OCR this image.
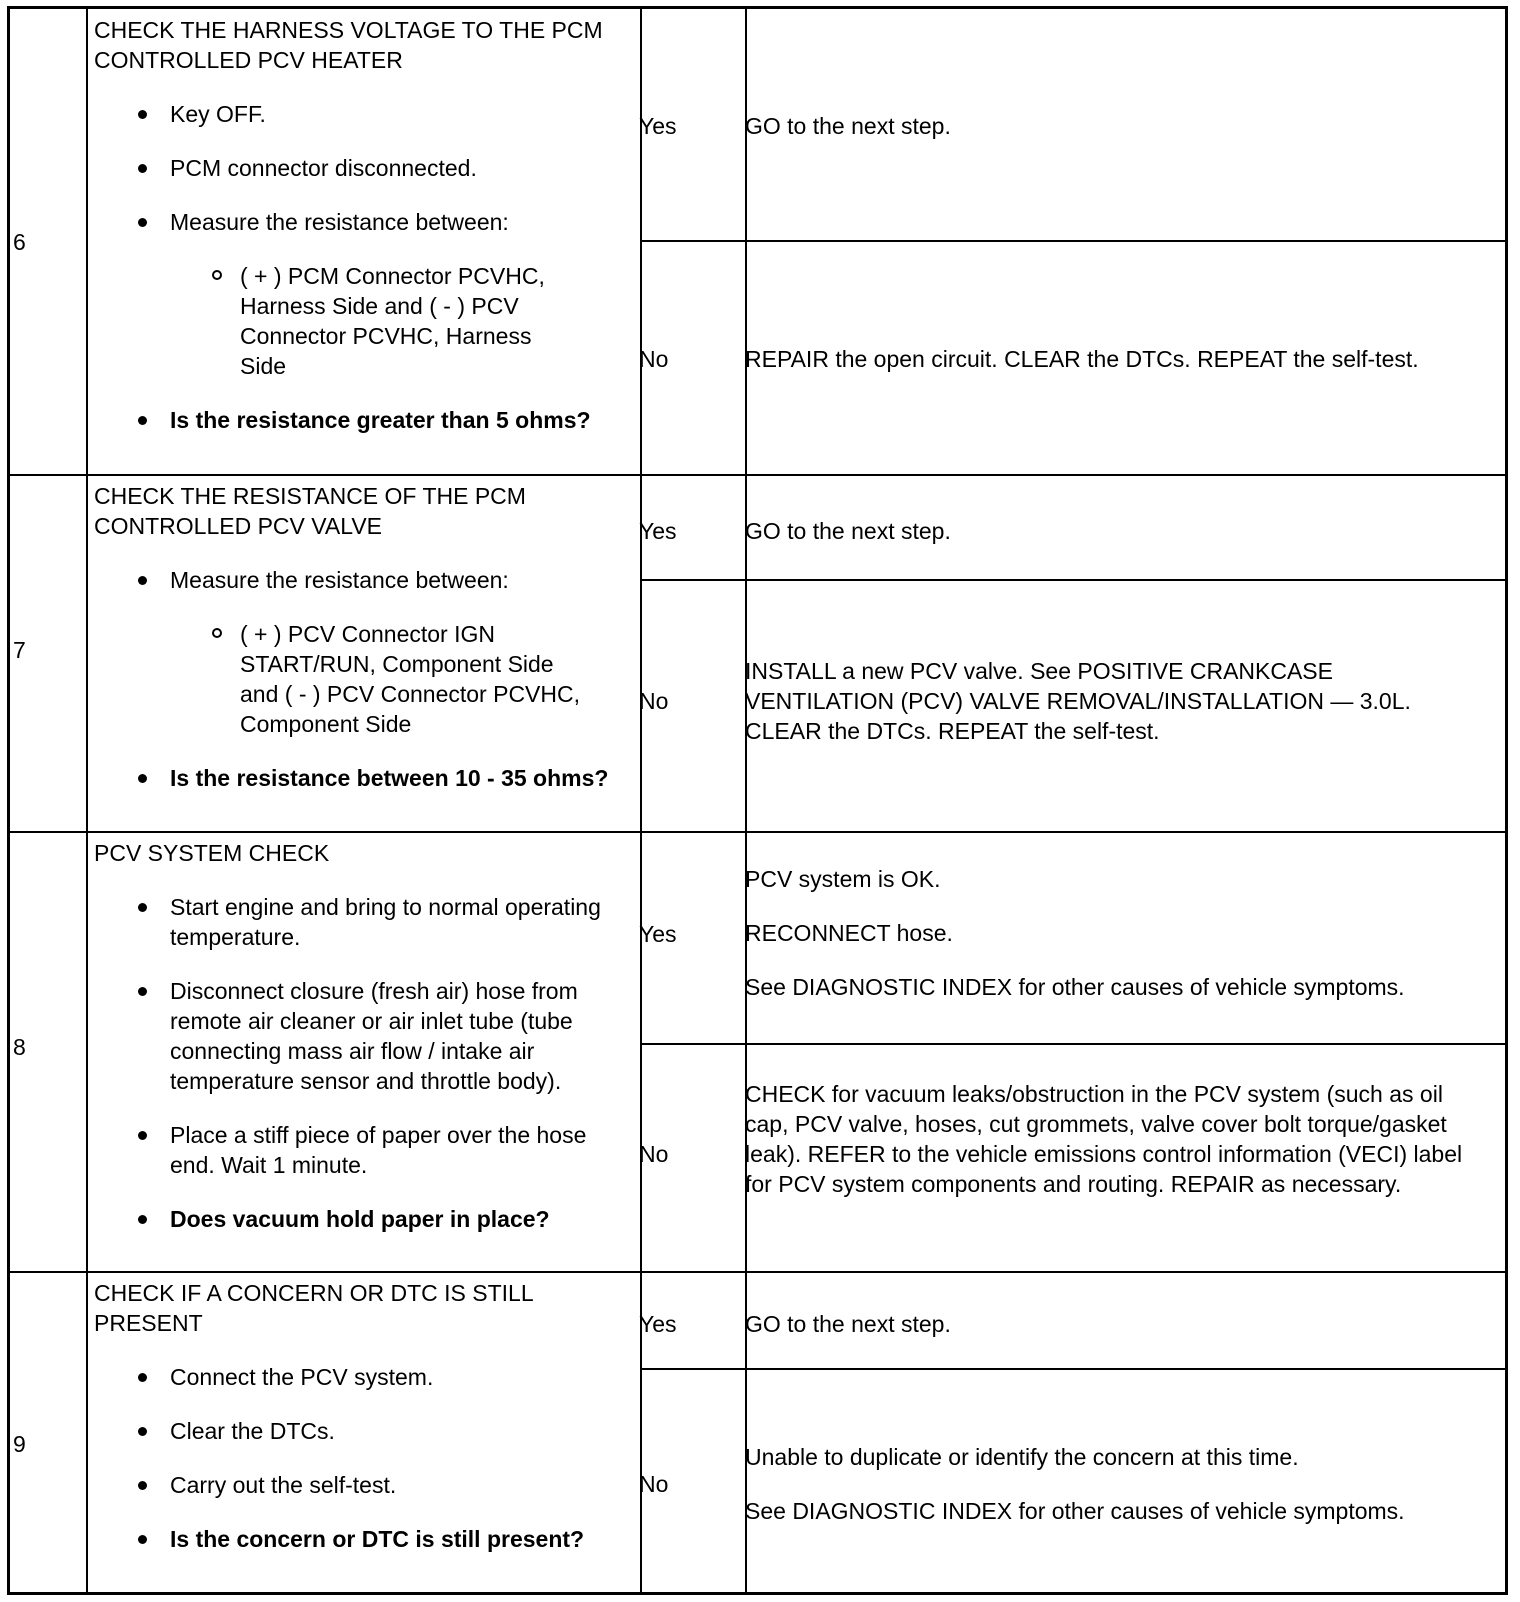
6

CHECK THE HARNESS VOLTAGE TO THE PCM CONTROLLED PCV HEATER

Key OFF.
PCM connector disconnected.
Measure the resistance between:
( + ) PCM Connector PCVHC, Harness Side and ( - ) PCV Connector PCVHC, Harness Side
Is the resistance greater than 5 ohms?
Yes	GO to the next step.

No	REPAIR the open circuit. CLEAR the DTCs. REPEAT the self-test.

7

CHECK THE RESISTANCE OF THE PCM CONTROLLED PCV VALVE

Measure the resistance between:
( + ) PCV Connector IGN START/RUN, Component Side and ( - ) PCV Connector PCVHC, Component Side
Is the resistance between 10 - 35 ohms?
Yes	GO to the next step.

No

INSTALL a new PCV valve. See POSITIVE CRANKCASE VENTILATION (PCV) VALVE REMOVAL/INSTALLATION — 3.0L. CLEAR the DTCs. REPEAT the self-test.

8

PCV SYSTEM CHECK

Start engine and bring to normal operating temperature.
Disconnect closure (fresh air) hose from remote air cleaner or air inlet tube (tube connecting mass air flow / intake air temperature sensor and throttle body).
Place a stiff piece of paper over the hose end. Wait 1 minute.
Does vacuum hold paper in place?
Yes

PCV system is OK.

RECONNECT hose.

See DIAGNOSTIC INDEX for other causes of vehicle symptoms.

No

CHECK for vacuum leaks/obstruction in the PCV system (such as oil cap, PCV valve, hoses, cut grommets, valve cover bolt torque/gasket leak). REFER to the vehicle emissions control information (VECI) label for PCV system components and routing. REPAIR as necessary.

9

CHECK IF A CONCERN OR DTC IS STILL PRESENT

Connect the PCV system.
Clear the DTCs.
Carry out the self-test.
Is the concern or DTC is still present?
Yes	GO to the next step.

No

Unable to duplicate or identify the concern at this time.

See DIAGNOSTIC INDEX for other causes of vehicle symptoms.
